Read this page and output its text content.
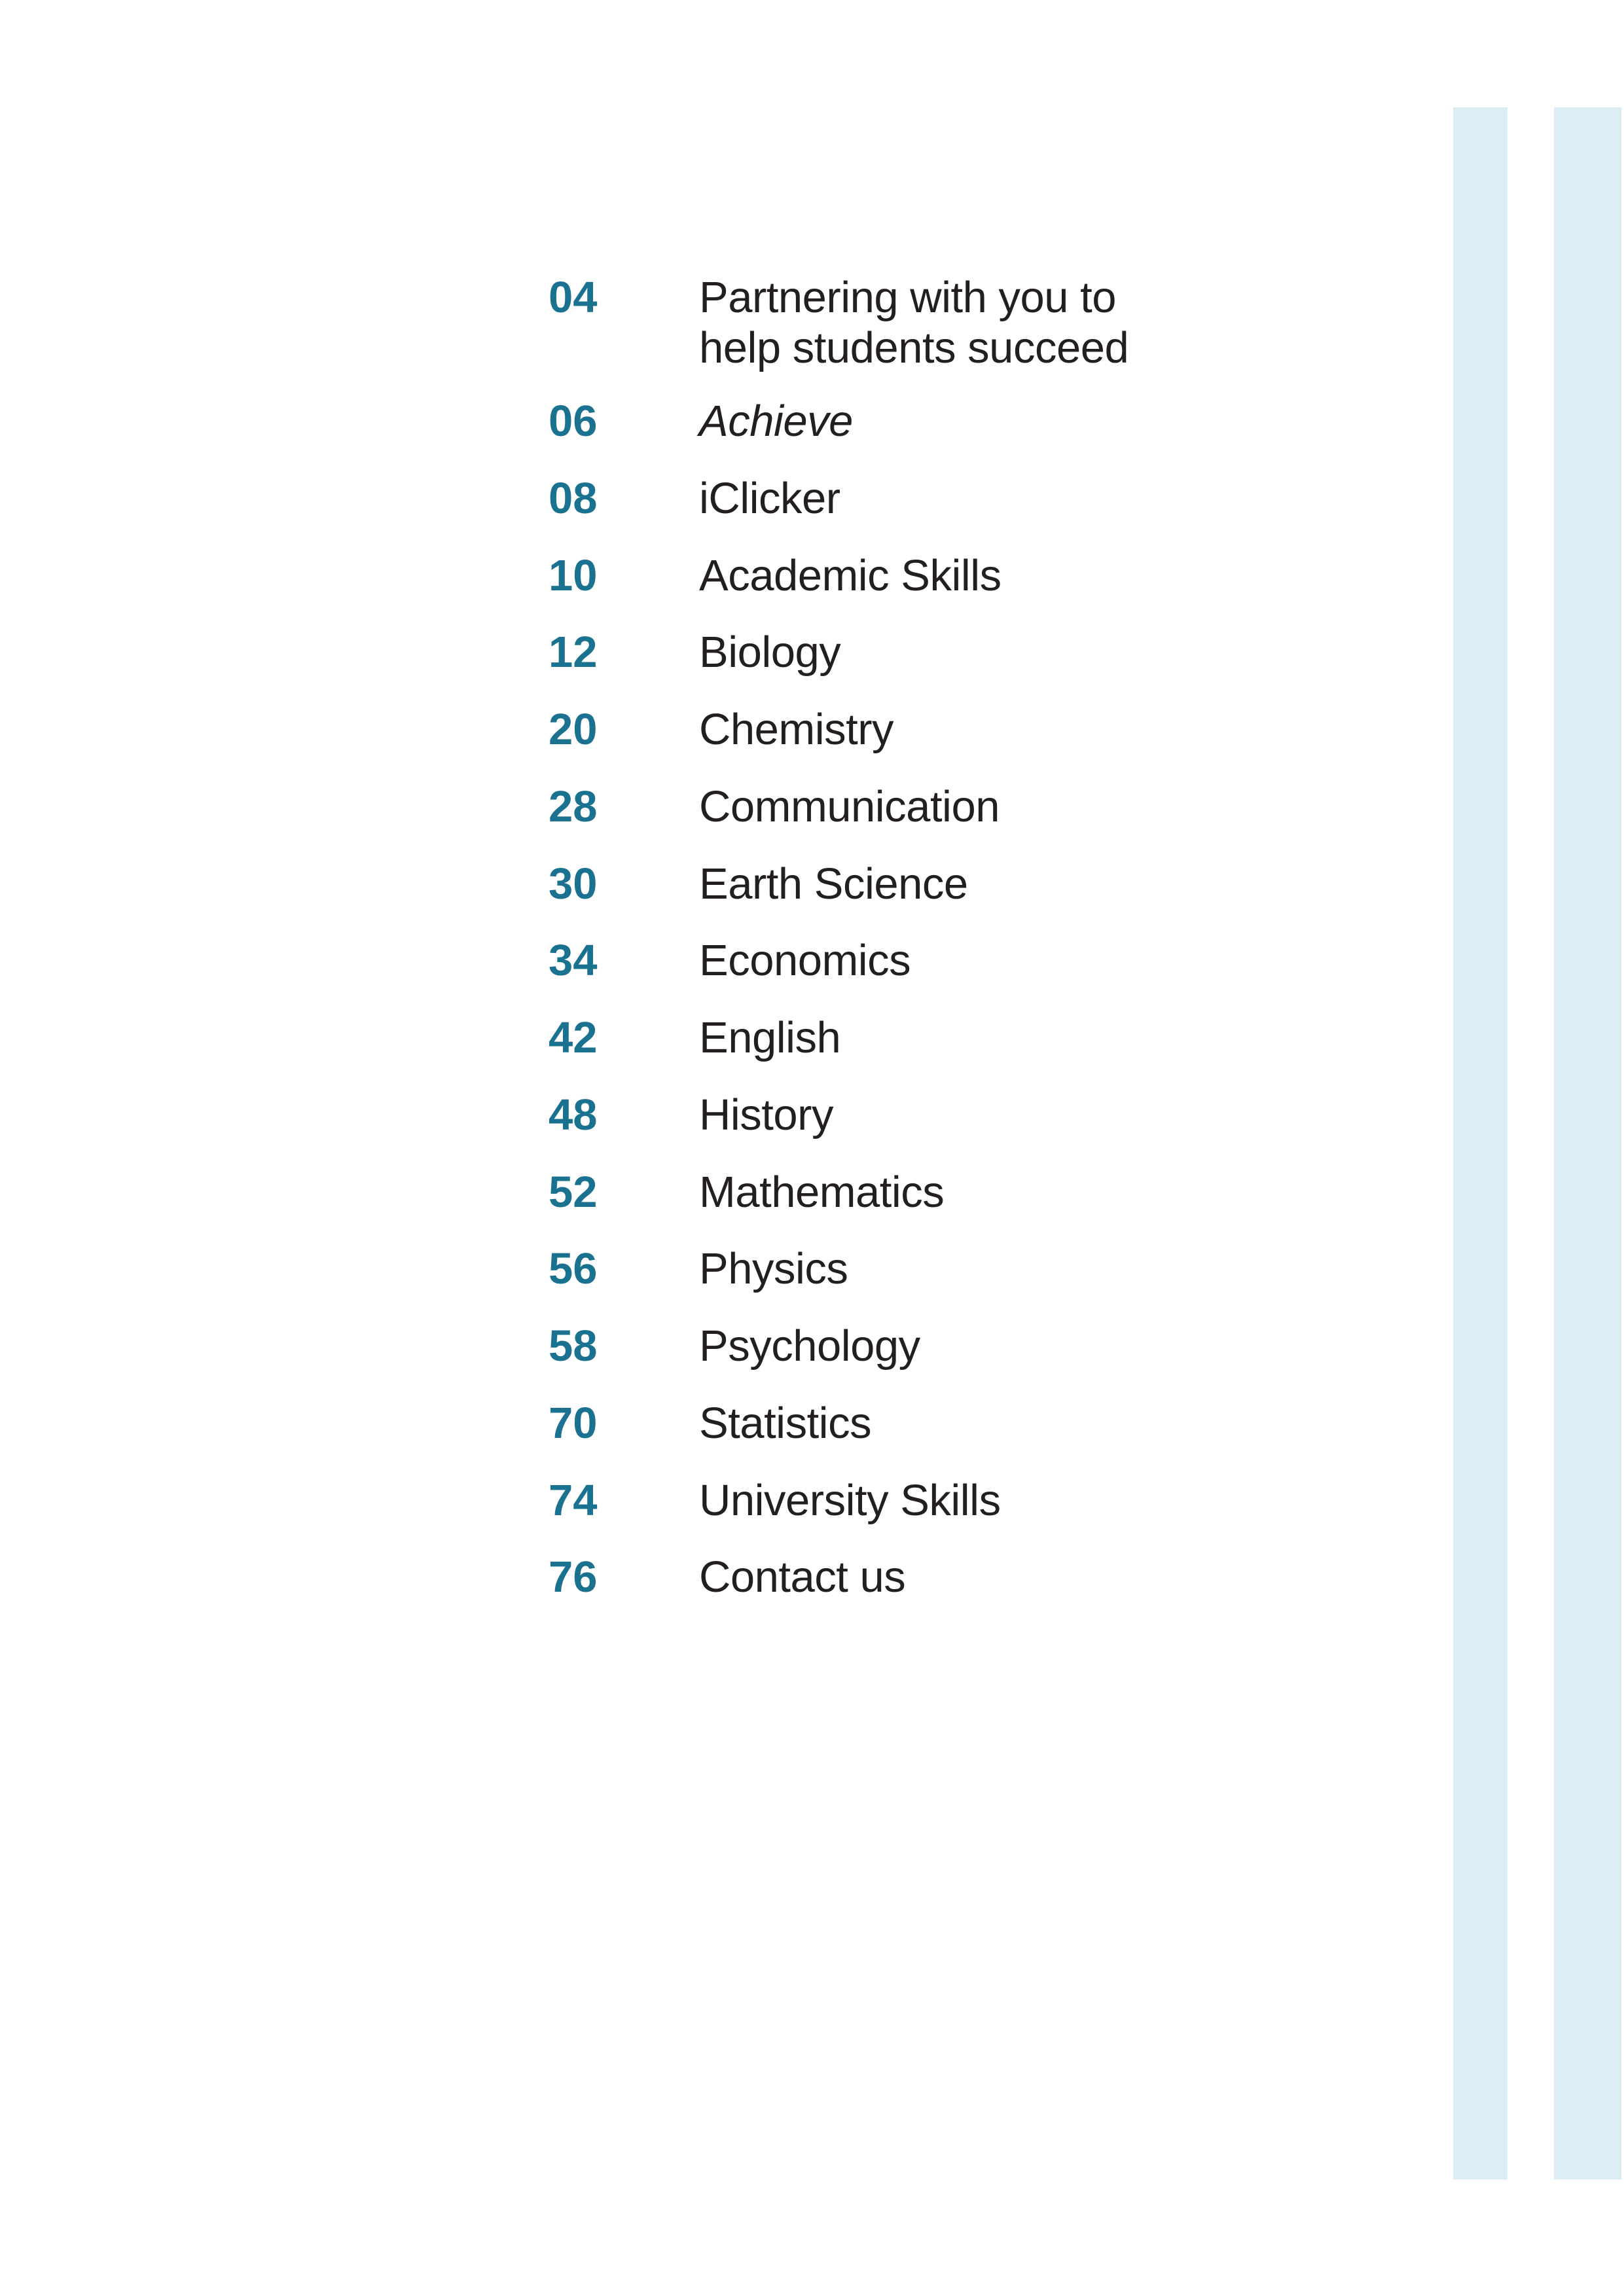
04	Partnering with you to help students succeed
06	Achieve
08	iClicker
10	Academic Skills
12	Biology
20	Chemistry
28	Communication
30	Earth Science
34	Economics
42	English
48	History
52	Mathematics
56	Physics
58	Psychology
70	Statistics
74	University Skills
76	Contact us
